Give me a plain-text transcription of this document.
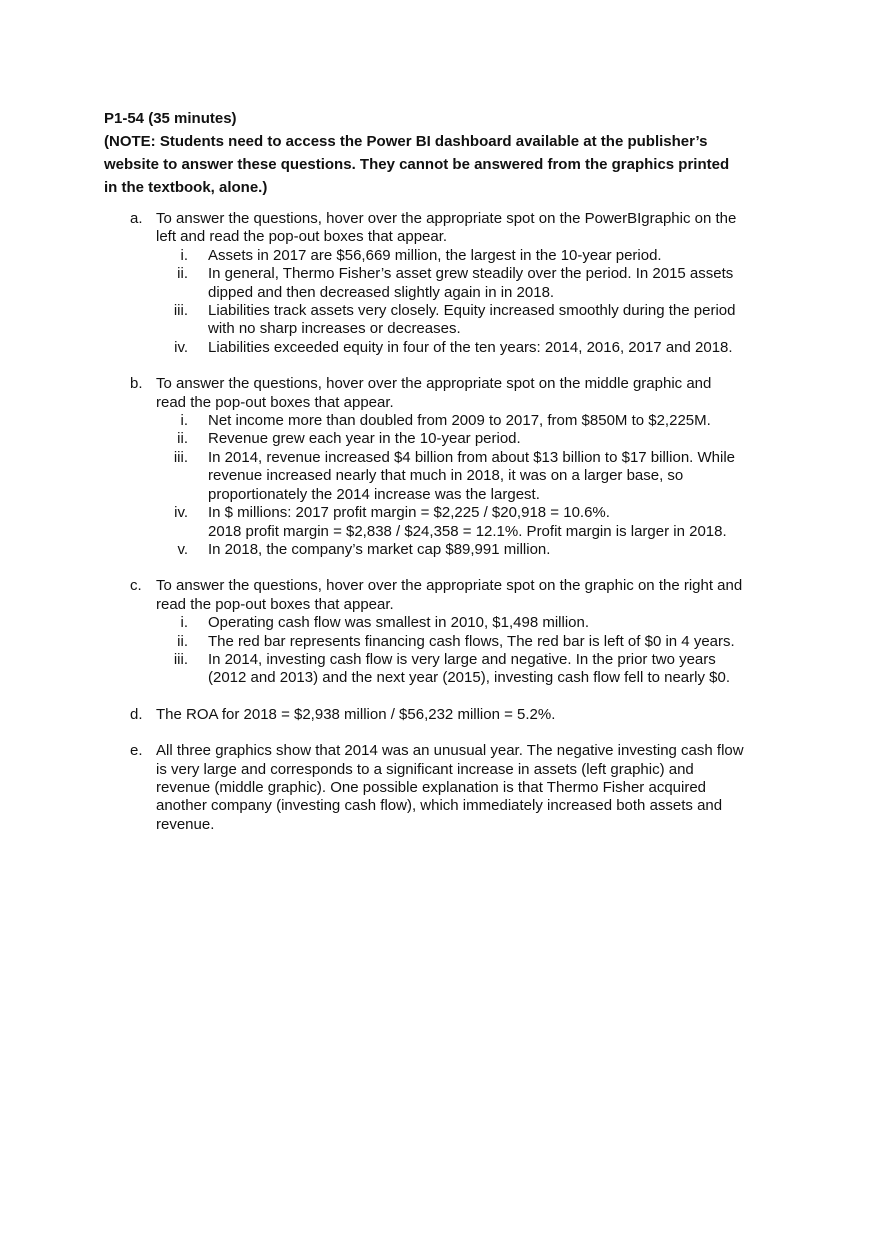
P1-54 (35 minutes)
(NOTE: Students need to access the Power BI dashboard available at the publisher’s
website to answer these questions. They cannot be answered from the graphics printed
in the textbook, alone.)
a. To answer the questions, hover over the appropriate spot on the PowerBIgraphic on the
left and read the pop-out boxes that appear.
i. Assets in 2017 are $56,669 million, the largest in the 10-year period.
ii. In general, Thermo Fisher’s asset grew steadily over the period. In 2015 assets
dipped and then decreased slightly again in in 2018.
iii. Liabilities track assets very closely. Equity increased smoothly during the period
with no sharp increases or decreases.
iv. Liabilities exceeded equity in four of the ten years: 2014, 2016, 2017 and 2018.
b. To answer the questions, hover over the appropriate spot on the middle graphic and
read the pop-out boxes that appear.
i. Net income more than doubled from 2009 to 2017, from $850M to $2,225M.
ii. Revenue grew each year in the 10-year period.
iii. In 2014, revenue increased $4 billion from about $13 billion to $17 billion. While
revenue increased nearly that much in 2018, it was on a larger base, so
proportionately the 2014 increase was the largest.
iv. In $ millions: 2017 profit margin = $2,225 / $20,918 = 10.6%.
2018 profit margin = $2,838 / $24,358 = 12.1%. Profit margin is larger in 2018.
v. In 2018, the company’s market cap $89,991 million.
c. To answer the questions, hover over the appropriate spot on the graphic on the right and
read the pop-out boxes that appear.
i. Operating cash flow was smallest in 2010, $1,498 million.
ii. The red bar represents financing cash flows, The red bar is left of $0 in 4 years.
iii. In 2014, investing cash flow is very large and negative. In the prior two years
(2012 and 2013) and the next year (2015), investing cash flow fell to nearly $0.
d. The ROA for 2018 = $2,938 million / $56,232 million = 5.2%.
e. All three graphics show that 2014 was an unusual year. The negative investing cash flow
is very large and corresponds to a significant increase in assets (left graphic) and
revenue (middle graphic). One possible explanation is that Thermo Fisher acquired
another company (investing cash flow), which immediately increased both assets and
revenue.
